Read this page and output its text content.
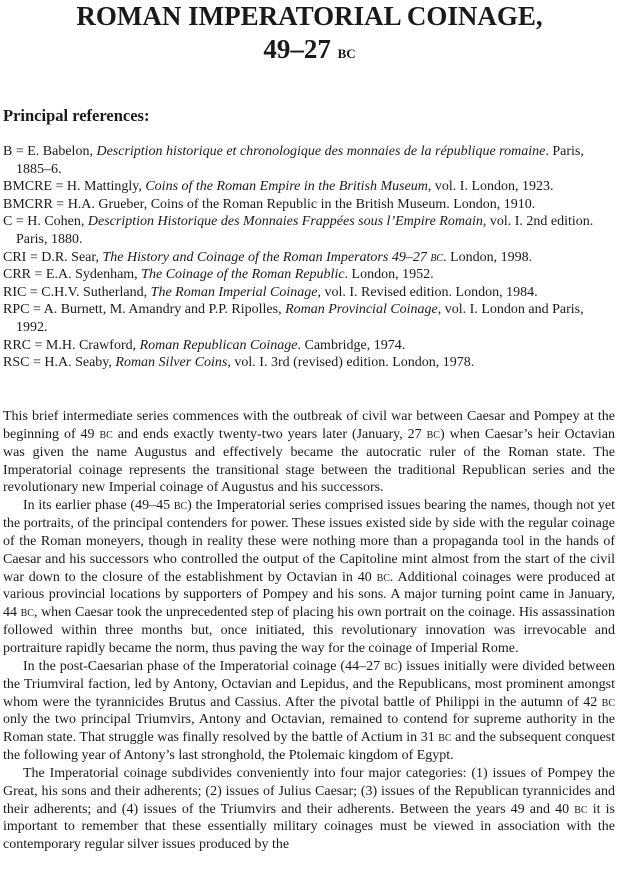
ROMAN IMPERATORIAL COINAGE,
49–27 bc
Principal references:
B = E. Babelon, Description historique et chronologique des monnaies de la république romaine. Paris, 1885–6.
BMCRE = H. Mattingly, Coins of the Roman Empire in the British Museum, vol. I. London, 1923.
BMCRR = H.A. Grueber, Coins of the Roman Republic in the British Museum. London, 1910.
C = H. Cohen, Description Historique des Monnaies Frappées sous l’Empire Romain, vol. I. 2nd edition. Paris, 1880.
CRI = D.R. Sear, The History and Coinage of the Roman Imperators 49–27 bc. London, 1998.
CRR = E.A. Sydenham, The Coinage of the Roman Republic. London, 1952.
RIC = C.H.V. Sutherland, The Roman Imperial Coinage, vol. I. Revised edition. London, 1984.
RPC = A. Burnett, M. Amandry and P.P. Ripolles, Roman Provincial Coinage, vol. I. London and Paris, 1992.
RRC = M.H. Crawford, Roman Republican Coinage. Cambridge, 1974.
RSC = H.A. Seaby, Roman Silver Coins, vol. I. 3rd (revised) edition. London, 1978.

This brief intermediate series commences with the outbreak of civil war between Caesar and Pompey at the beginning of 49 bc and ends exactly twenty-two years later (January, 27 bc) when Caesar’s heir Octavian was given the name Augustus and effectively became the autocratic ruler of the Roman state. The Imperatorial coinage represents the transitional stage between the traditional Republican series and the revolutionary new Imperial coinage of Augustus and his successors.

In its earlier phase (49–45 bc) the Imperatorial series comprised issues bearing the names, though not yet the portraits, of the principal contenders for power. These issues existed side by side with the regular coinage of the Roman moneyers, though in reality these were nothing more than a propaganda tool in the hands of Caesar and his successors who controlled the output of the Capitoline mint almost from the start of the civil war down to the closure of the establishment by Octavian in 40 bc. Additional coinages were produced at various provincial locations by supporters of Pompey and his sons. A major turning point came in January, 44 bc, when Caesar took the unprecedented step of placing his own portrait on the coinage. His assassination followed within three months but, once initiated, this revolutionary innovation was irrevocable and portraiture rapidly became the norm, thus paving the way for the coinage of Imperial Rome.

In the post-Caesarian phase of the Imperatorial coinage (44–27 bc) issues initially were divided between the Triumviral faction, led by Antony, Octavian and Lepidus, and the Republicans, most prominent amongst whom were the tyrannicides Brutus and Cassius. After the pivotal battle of Philippi in the autumn of 42 bc only the two principal Triumvirs, Antony and Octavian, remained to contend for supreme authority in the Roman state. That struggle was finally resolved by the battle of Actium in 31 bc and the subsequent conquest the following year of Antony’s last stronghold, the Ptolemaic kingdom of Egypt.

The Imperatorial coinage subdivides conveniently into four major categories: (1) issues of Pompey the Great, his sons and their adherents; (2) issues of Julius Caesar; (3) issues of the Republican tyrannicides and their adherents; and (4) issues of the Triumvirs and their adherents. Between the years 49 and 40 bc it is important to remember that these essentially military coinages must be viewed in association with the contemporary regular silver issues produced by the
